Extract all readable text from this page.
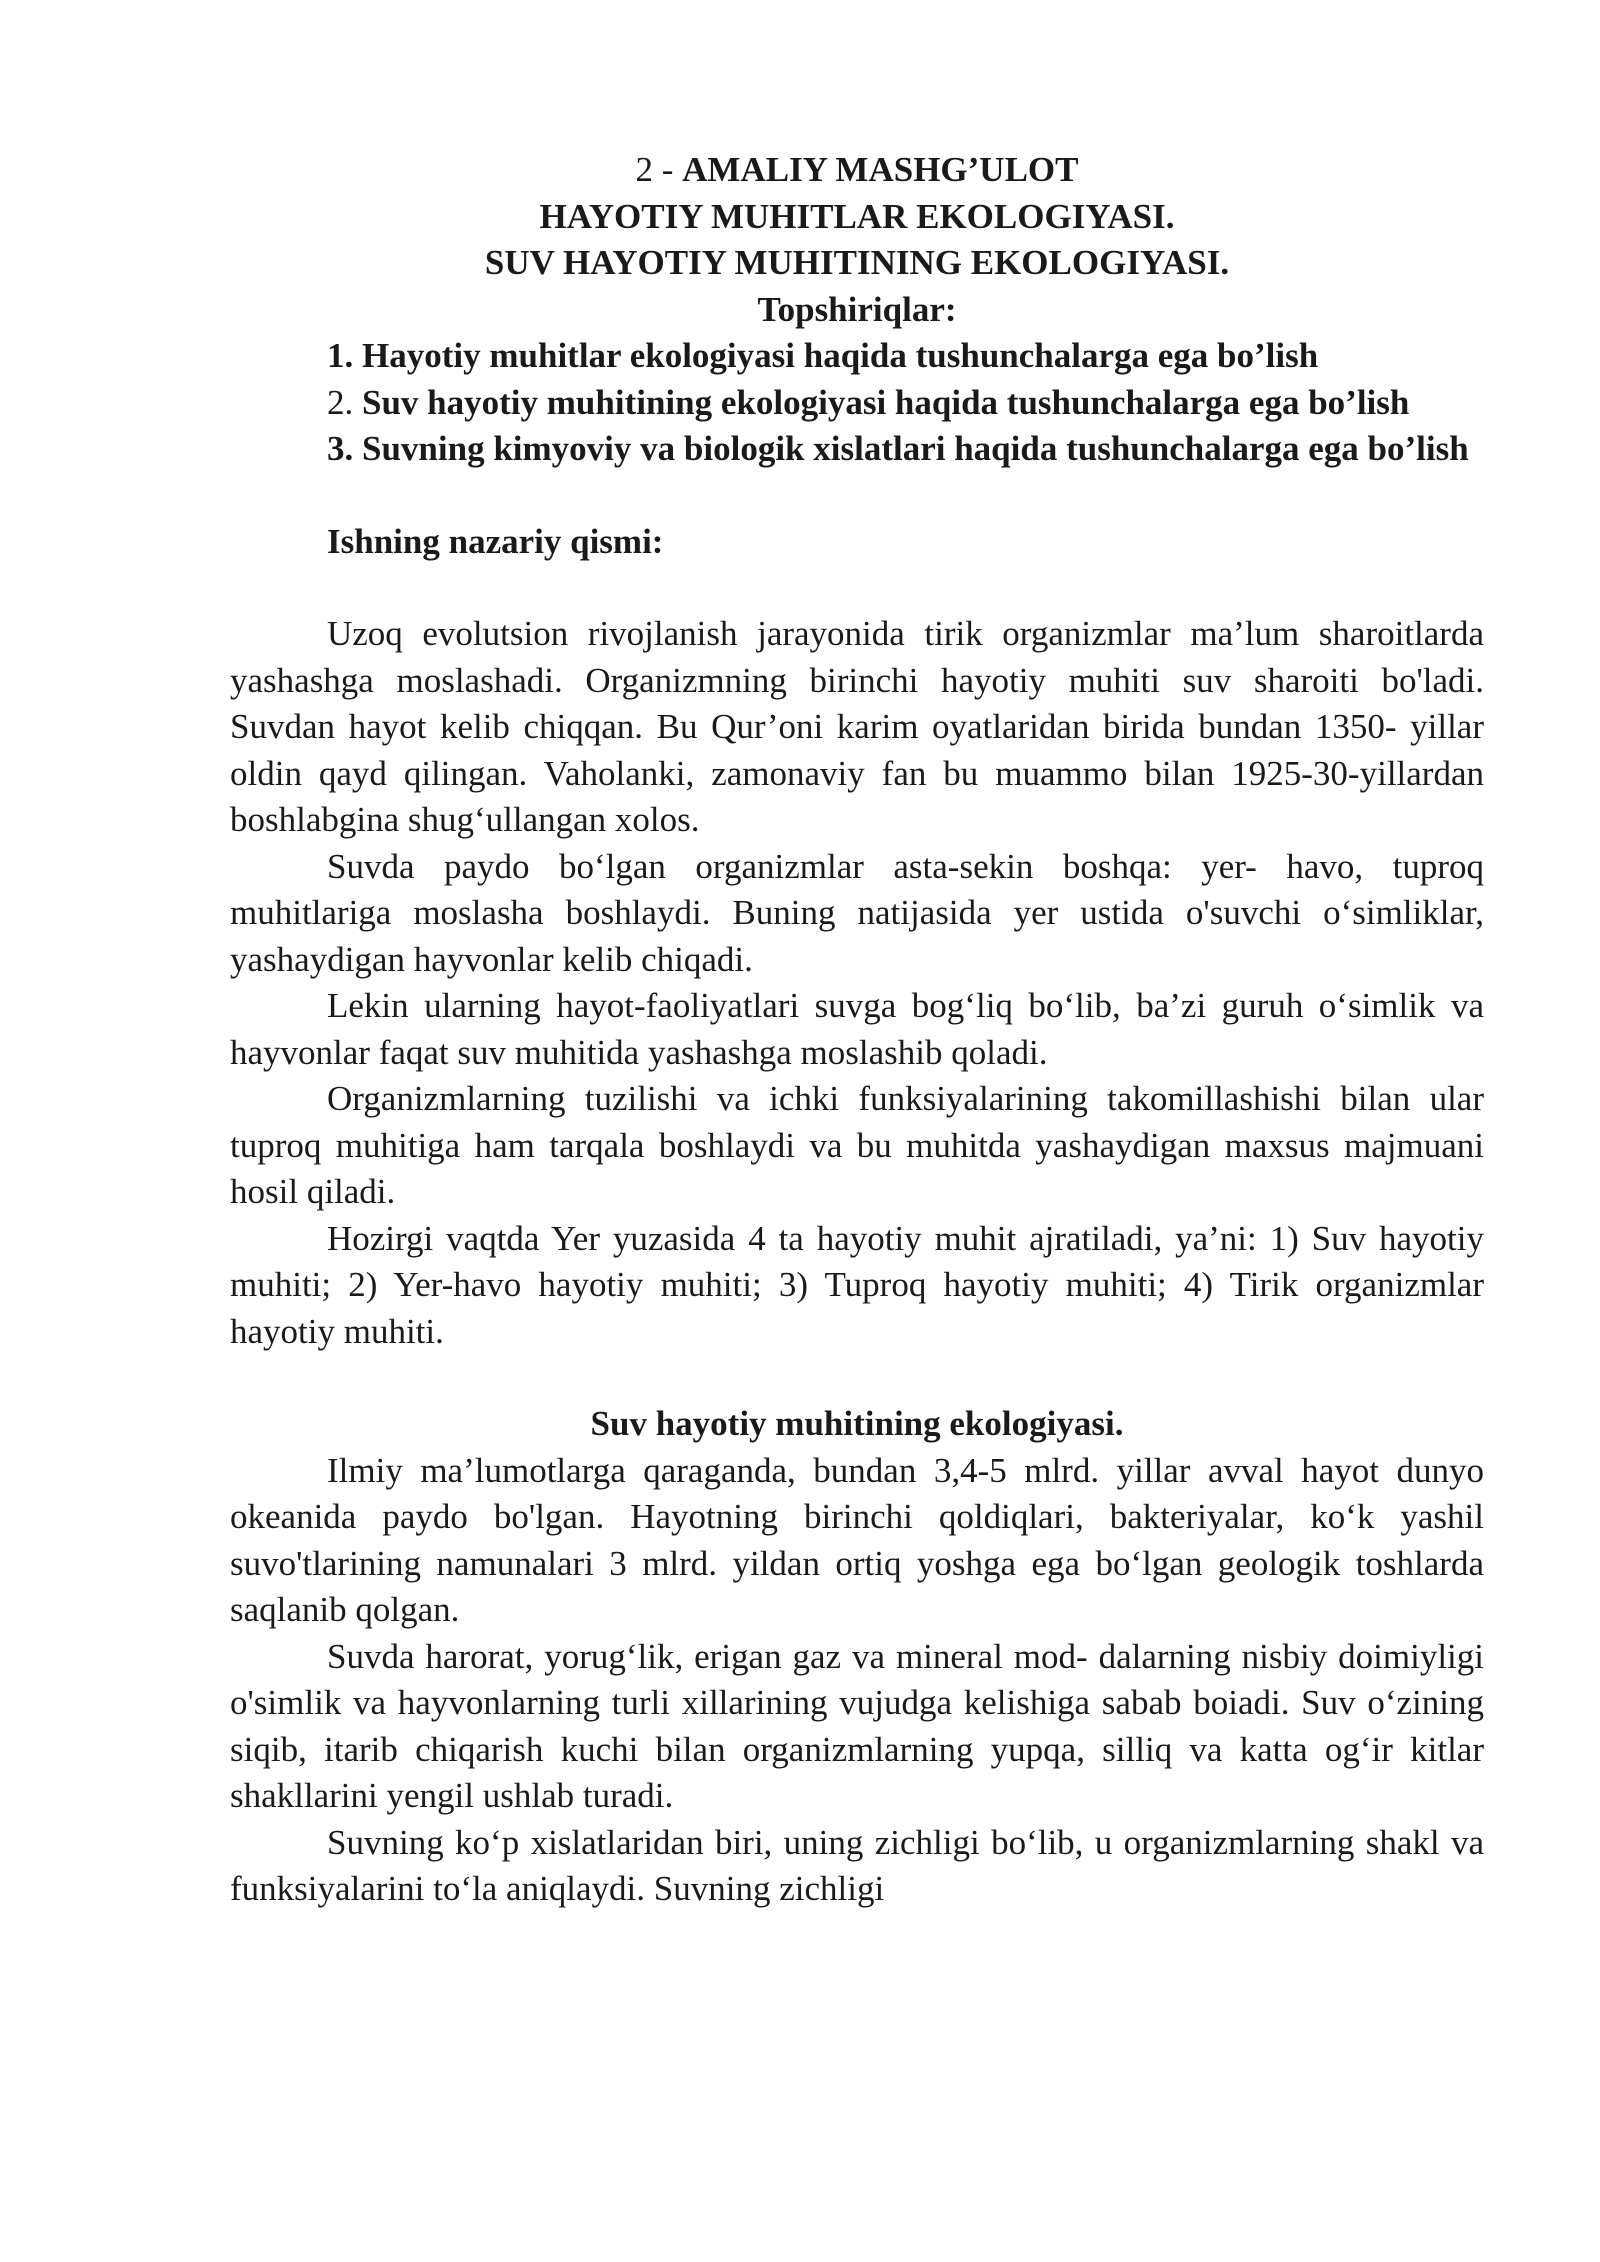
2 - AMALIY MASHG’ULOT

HAYOTIY MUHITLAR EKOLOGIYASI.

SUV HAYOTIY MUHITINING EKOLOGIYASI.

Topshiriqlar:

1. Hayotiy muhitlar ekologiyasi haqida tushunchalarga ega bo’lish

2. Suv hayotiy muhitining ekologiyasi haqida tushunchalarga ega bo’lish

3. Suvning kimyoviy va biologik xislatlari haqida tushunchalarga ega bo’lish

Ishning nazariy qismi:

Uzoq evolutsion rivojlanish jarayonida tirik organizmlar ma’lum sharoitlarda yashashga moslashadi. Organizmning birinchi hayotiy muhiti suv sharoiti bo'ladi. Suvdan hayot kelib chiqqan. Bu Qur’oni karim oyatlaridan birida bundan 1350- yillar oldin qayd qilingan. Vaholanki, zamonaviy fan bu muammo bilan 1925-30-yillardan boshlabgina shug‘ullangan xolos.

Suvda paydo bo‘lgan organizmlar asta-sekin boshqa: yer- havo, tuproq muhitlariga moslasha boshlaydi. Buning natijasida yer ustida o'suvchi o‘simliklar, yashaydigan hayvonlar kelib chiqadi.

Lekin ularning hayot-faoliyatlari suvga bog‘liq bo‘lib, ba’zi guruh o‘simlik va hayvonlar faqat suv muhitida yashashga moslashib qoladi.

Organizmlarning tuzilishi va ichki funksiyalarining takomillashishi bilan ular tuproq muhitiga ham tarqala boshlaydi va bu muhitda yashaydigan maxsus majmuani hosil qiladi.

Hozirgi vaqtda Yer yuzasida 4 ta hayotiy muhit ajratiladi, ya’ni: 1) Suv hayotiy muhiti; 2) Yer-havo hayotiy muhiti; 3) Tuproq hayotiy muhiti; 4) Tirik organizmlar hayotiy muhiti.

Suv hayotiy muhitining ekologiyasi.

Ilmiy ma’lumotlarga qaraganda, bundan 3,4-5 mlrd. yillar avval hayot dunyo okeanida paydo bo'lgan. Hayotning birinchi qoldiqlari, bakteriyalar, ko‘k yashil suvo'tlarining namunalari 3 mlrd. yildan ortiq yoshga ega bo‘lgan geologik toshlarda saqlanib qolgan.

Suvda harorat, yorug‘lik, erigan gaz va mineral mod- dalarning nisbiy doimiyligi o'simlik va hayvonlarning turli xillarining vujudga kelishiga sabab boiadi. Suv o‘zining siqib, itarib chiqarish kuchi bilan organizmlarning yupqa, silliq va katta og‘ir kitlar shakllarini yengil ushlab turadi.

Suvning ko‘p xislatlaridan biri, uning zichligi bo‘lib, u organizmlarning shakl va funksiyalarini to‘la aniqlaydi. Suvning zichligi
